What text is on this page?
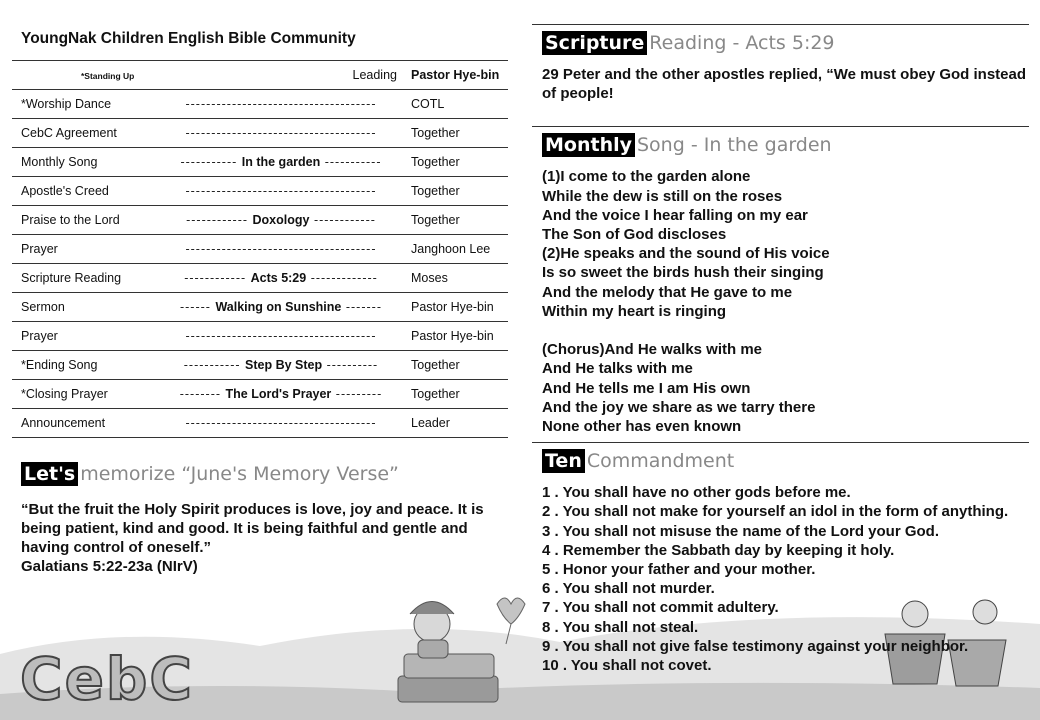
YoungNak Children English Bible Community
*Standing Up	Leading	Pastor Hye-bin
*Worship Dance	-------------------------------------	COTL
CebC Agreement	-------------------------------------	Together
Monthly Song	----------- In the garden -----------	Together
Apostle's Creed	-------------------------------------	Together
Praise to the Lord	------------ Doxology ------------	Together
Prayer	-------------------------------------	Janghoon Lee
Scripture Reading	------------ Acts 5:29 -------------	Moses
Sermon	------ Walking on Sunshine -------	Pastor Hye-bin
Prayer	-------------------------------------	Pastor Hye-bin
*Ending Song	----------- Step By Step ----------	Together
*Closing Prayer	-------- The Lord's Prayer ---------	Together
Announcement	-------------------------------------	Leader
Let's memorize “June's Memory Verse”
“But the fruit the Holy Spirit produces is love, joy and peace. It is being patient, kind and good. It is being faithful and gentle and having control of oneself.”
Galatians 5:22-23a (NIrV)
Scripture Reading - Acts 5:29
29 Peter and the other apostles replied, “We must obey God instead of people!
Monthly Song - In the garden
(1)I come to the garden alone
While the dew is still on the roses
And the voice I hear falling on my ear
The Son of God discloses
(2)He speaks and the sound of His voice
Is so sweet the birds hush their singing
And the melody that He gave to me
Within my heart is ringing
(Chorus)And He walks with me
And He talks with me
And He tells me I am His own
And the joy we share as we tarry there
None other has even known
Ten Commandment
1 . You shall have no other gods before me.
2 . You shall not make for yourself an idol in the form of anything.
3 . You shall not misuse the name of the Lord your God.
4 . Remember the Sabbath day by keeping it holy.
5 . Honor your father and your mother.
6 . You shall not murder.
7 . You shall not commit adultery.
8 . You shall not steal.
9 . You shall not give false testimony against your neighbor.
10 . You shall not covet.
CebC
